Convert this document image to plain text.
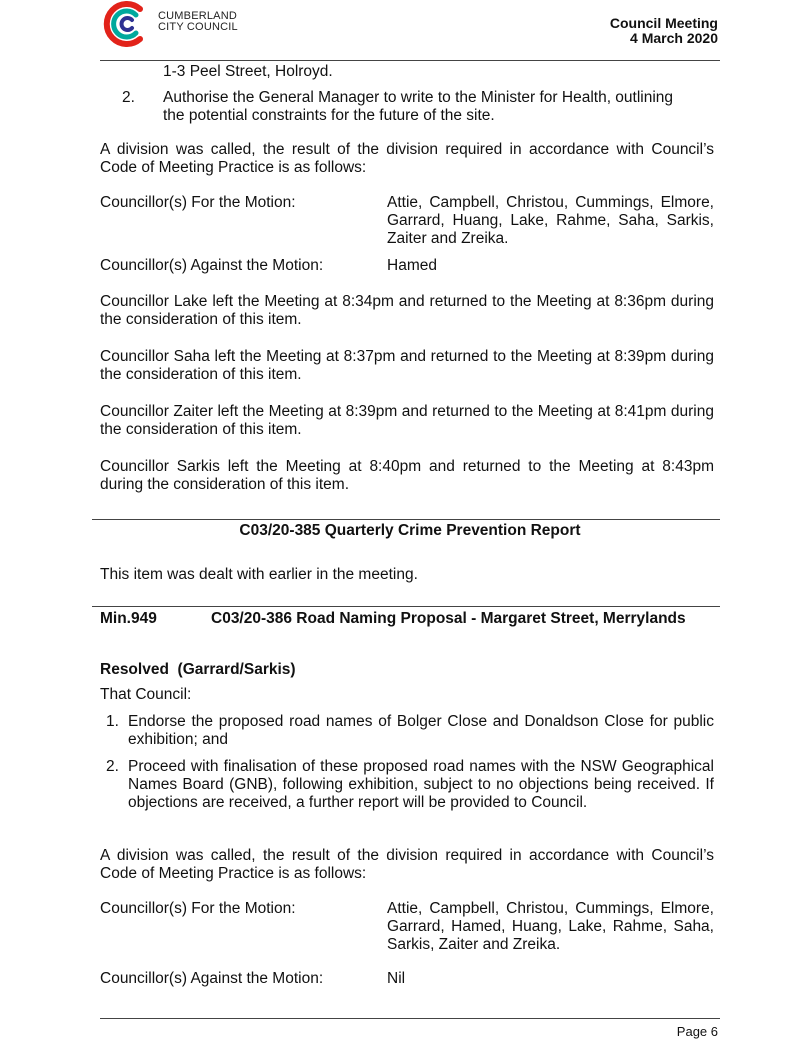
CUMBERLAND
CITY COUNCIL	Council Meeting
4 March 2020
1-3 Peel Street, Holroyd.
2. Authorise the General Manager to write to the Minister for Health, outlining the potential constraints for the future of the site.
A division was called, the result of the division required in accordance with Council’s Code of Meeting Practice is as follows:
Councillor(s) For the Motion:	Attie, Campbell, Christou, Cummings, Elmore, Garrard, Huang, Lake, Rahme, Saha, Sarkis, Zaiter and Zreika.
Councillor(s) Against the Motion:	Hamed
Councillor Lake left the Meeting at 8:34pm and returned to the Meeting at 8:36pm during the consideration of this item.
Councillor Saha left the Meeting at 8:37pm and returned to the Meeting at 8:39pm during the consideration of this item.
Councillor Zaiter left the Meeting at 8:39pm and returned to the Meeting at 8:41pm during the consideration of this item.
Councillor Sarkis left the Meeting at 8:40pm and returned to the Meeting at 8:43pm during the consideration of this item.
C03/20-385 Quarterly Crime Prevention Report
This item was dealt with earlier in the meeting.
Min.949	C03/20-386 Road Naming Proposal - Margaret Street, Merrylands
Resolved  (Garrard/Sarkis)
That Council:
1. Endorse the proposed road names of Bolger Close and Donaldson Close for public exhibition; and
2. Proceed with finalisation of these proposed road names with the NSW Geographical Names Board (GNB), following exhibition, subject to no objections being received. If objections are received, a further report will be provided to Council.
A division was called, the result of the division required in accordance with Council’s Code of Meeting Practice is as follows:
Councillor(s) For the Motion:	Attie, Campbell, Christou, Cummings, Elmore, Garrard, Hamed, Huang, Lake, Rahme, Saha, Sarkis, Zaiter and Zreika.
Councillor(s) Against the Motion:	Nil
Page 6
